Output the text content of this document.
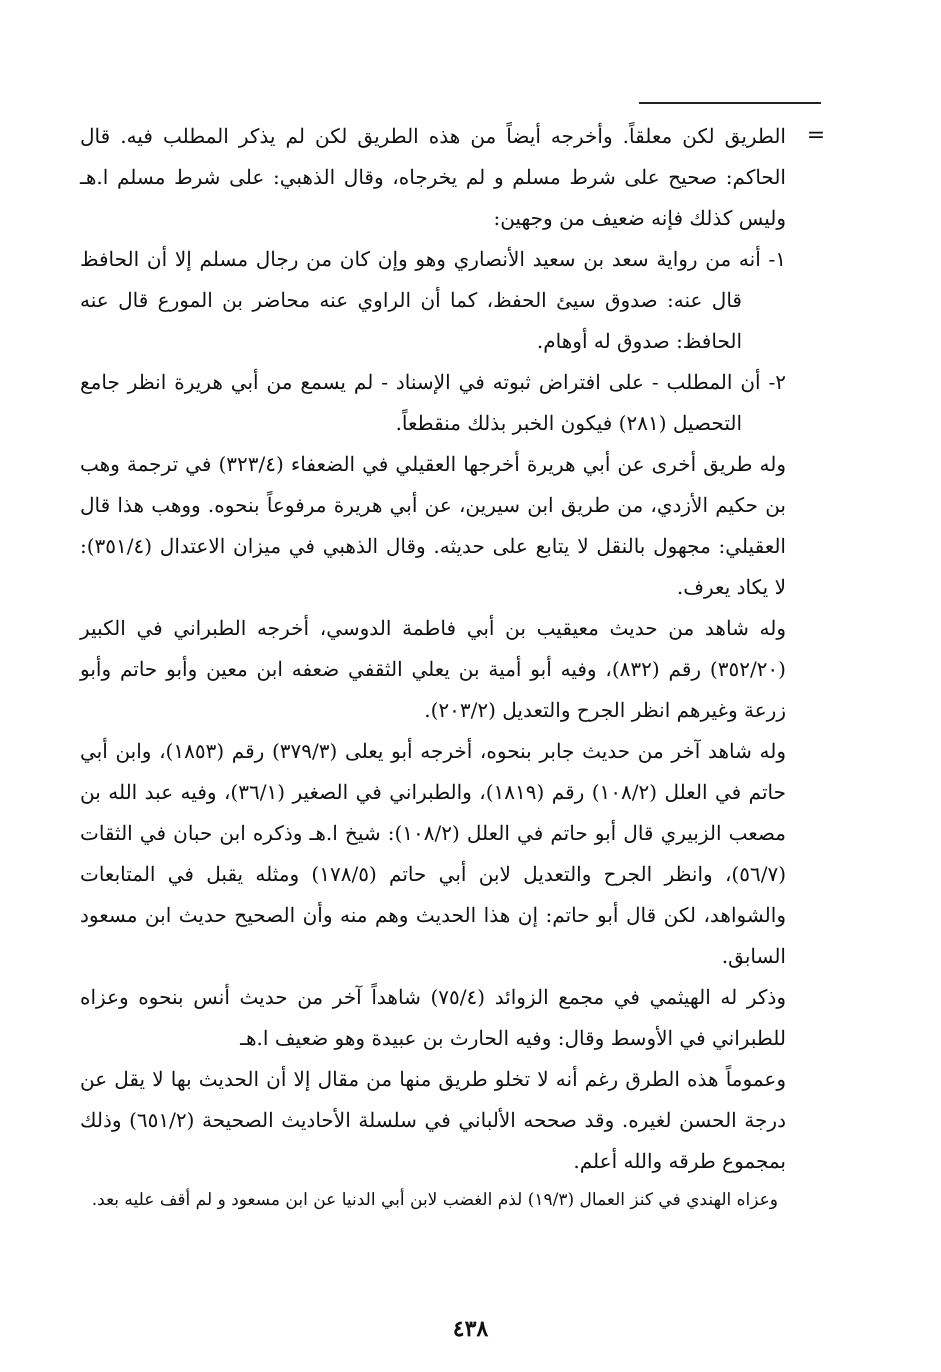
=

الطريق لكن معلقاً. وأخرجه أيضاً من هذه الطريق لكن لم يذكر المطلب فيه. قال الحاكم: صحيح على شرط مسلم و لم يخرجاه، وقال الذهبي: على شرط مسلم ا.هـ وليس كذلك فإنه ضعيف من وجهين:

١- أنه من رواية سعد بن سعيد الأنصاري وهو وإن كان من رجال مسلم إلا أن الحافظ قال عنه: صدوق سيئ الحفظ، كما أن الراوي عنه محاضر بن المورع قال عنه الحافظ: صدوق له أوهام.

٢- أن المطلب - على افتراض ثبوته في الإسناد - لم يسمع من أبي هريرة انظر جامع التحصيل (٢٨١) فيكون الخبر بذلك منقطعاً.

وله طريق أخرى عن أبي هريرة أخرجها العقيلي في الضعفاء (٣٢٣/٤) في ترجمة وهب بن حكيم الأزدي، من طريق ابن سيرين، عن أبي هريرة مرفوعاً بنحوه. ووهب هذا قال العقيلي: مجهول بالنقل لا يتابع على حديثه. وقال الذهبي في ميزان الاعتدال (٣٥١/٤): لا يكاد يعرف.

وله شاهد من حديث معيقيب بن أبي فاطمة الدوسي، أخرجه الطبراني في الكبير (٣٥٢/٢٠) رقم (٨٣٢)، وفيه أبو أمية بن يعلي الثقفي ضعفه ابن معين وأبو حاتم وأبو زرعة وغيرهم انظر الجرح والتعديل (٢٠٣/٢).

وله شاهد آخر من حديث جابر بنحوه، أخرجه أبو يعلى (٣٧٩/٣) رقم (١٨٥٣)، وابن أبي حاتم في العلل (١٠٨/٢) رقم (١٨١٩)، والطبراني في الصغير (٣٦/١)، وفيه عبد الله بن مصعب الزبيري قال أبو حاتم في العلل (١٠٨/٢): شيخ ا.هـ وذكره ابن حبان في الثقات (٥٦/٧)، وانظر الجرح والتعديل لابن أبي حاتم (١٧٨/٥) ومثله يقبل في المتابعات والشواهد، لكن قال أبو حاتم: إن هذا الحديث وهم منه وأن الصحيح حديث ابن مسعود السابق.

وذكر له الهيثمي في مجمع الزوائد (٧٥/٤) شاهداً آخر من حديث أنس بنحوه وعزاه للطبراني في الأوسط وقال: وفيه الحارث بن عبيدة وهو ضعيف ا.هـ

وعموماً هذه الطرق رغم أنه لا تخلو طريق منها من مقال إلا أن الحديث بها لا يقل عن درجة الحسن لغيره. وقد صححه الألباني في سلسلة الأحاديث الصحيحة (٦٥١/٢) وذلك بمجموع طرقه والله أعلم.

وعزاه الهندي في كنز العمال (١٩/٣) لذم الغضب لابن أبي الدنيا عن ابن مسعود و لم أقف عليه بعد.

٤٣٨
